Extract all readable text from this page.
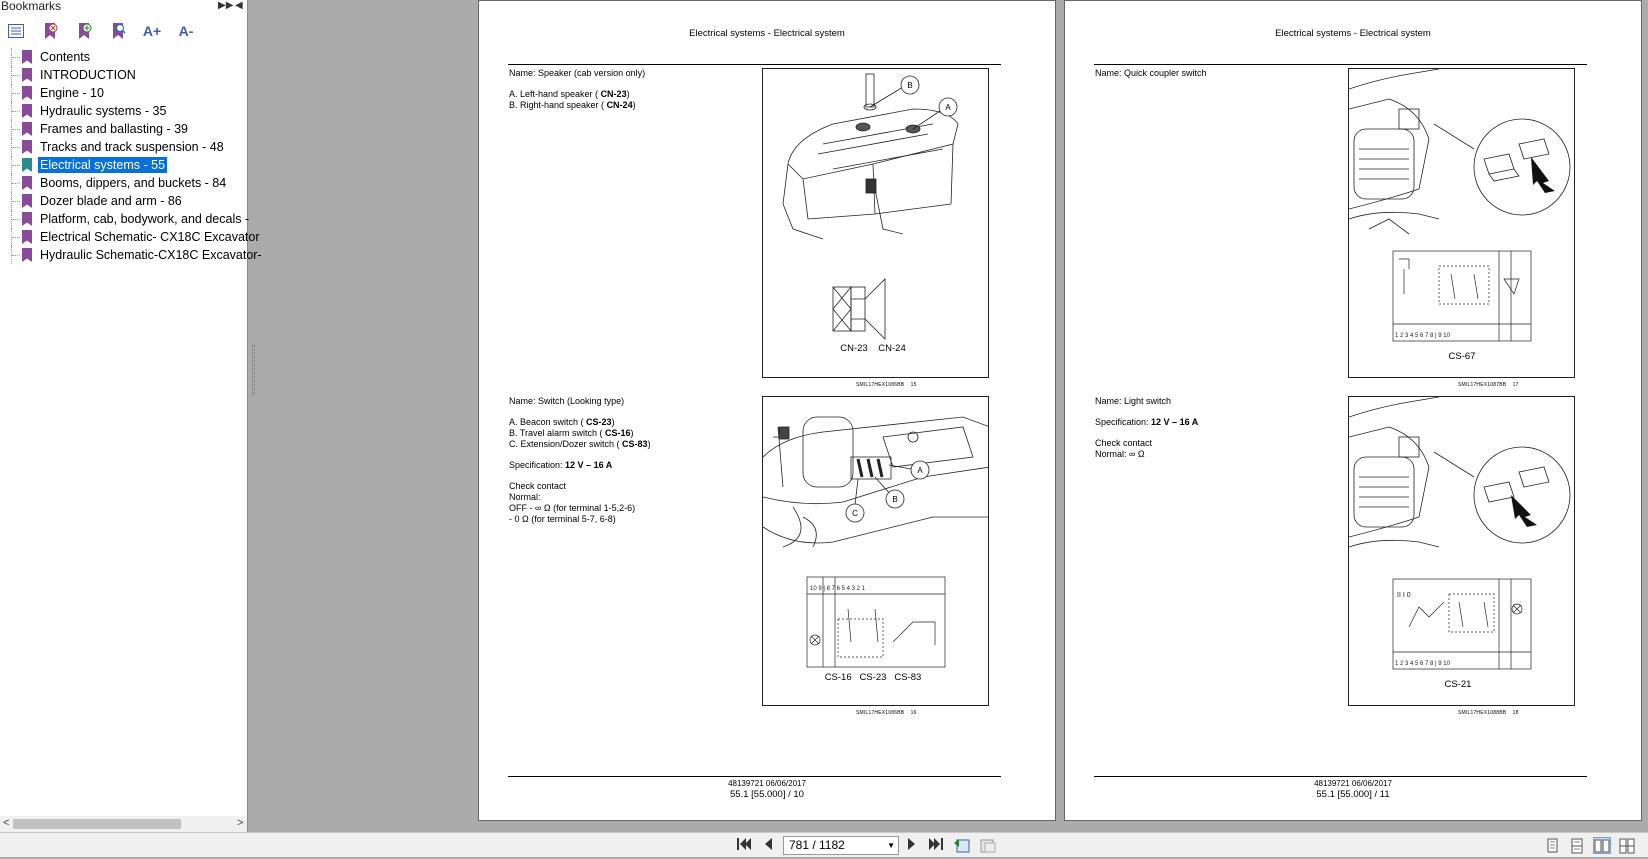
Bookmarks	▶▶ ◀
A+ A-
Contents
INTRODUCTION
Engine - 10
Hydraulic systems - 35
Frames and ballasting - 39
Tracks and track suspension - 48
Electrical systems - 55
Booms, dippers, and buckets - 84
Dozer blade and arm - 86
Platform, cab, bodywork, and decals -
Electrical Schematic- CX18C Excavator
Hydraulic Schematic-CX18C Excavator-
<	>
Electrical systems - Electrical system

Name: Speaker (cab version only)

A. Left-hand speaker ( CN-23)

B. Right-hand speaker ( CN-24)

B
A
CN-23    CN-24
SMIL17HEX1086BB 15

Name: Switch (Looking type)

A. Beacon switch ( CS-23)

B. Travel alarm switch ( CS-16)

C. Extension/Dozer switch ( CS-83)

Specification: 12 V – 16 A

Check contact

Normal:

OFF - ∞ Ω (for terminal 1-5,2-6)

- 0 Ω (for terminal 5-7, 6-8)

A
B
C
10 9 | 8 7 6 5 4 3 2 1
CS-16   CS-23   CS-83
SMIL17HEX1086BB 16
48139721 06/06/2017
55.1 [55.000] / 10
Electrical systems - Electrical system

Name: Quick coupler switch

1 2 3 4 5 6 7 8 | 9 10
CS-67
SMIL17HEX1087BB 17

Name: Light switch

Specification: 12 V – 16 A

Check contact

Normal: ∞ Ω

II I 0
1 2 3 4 5 6 7 8 | 9 10
CS-21
SMIL17HEX1088BB 18
48139721 06/06/2017
55.1 [55.000] / 11
781 / 1182	▼
